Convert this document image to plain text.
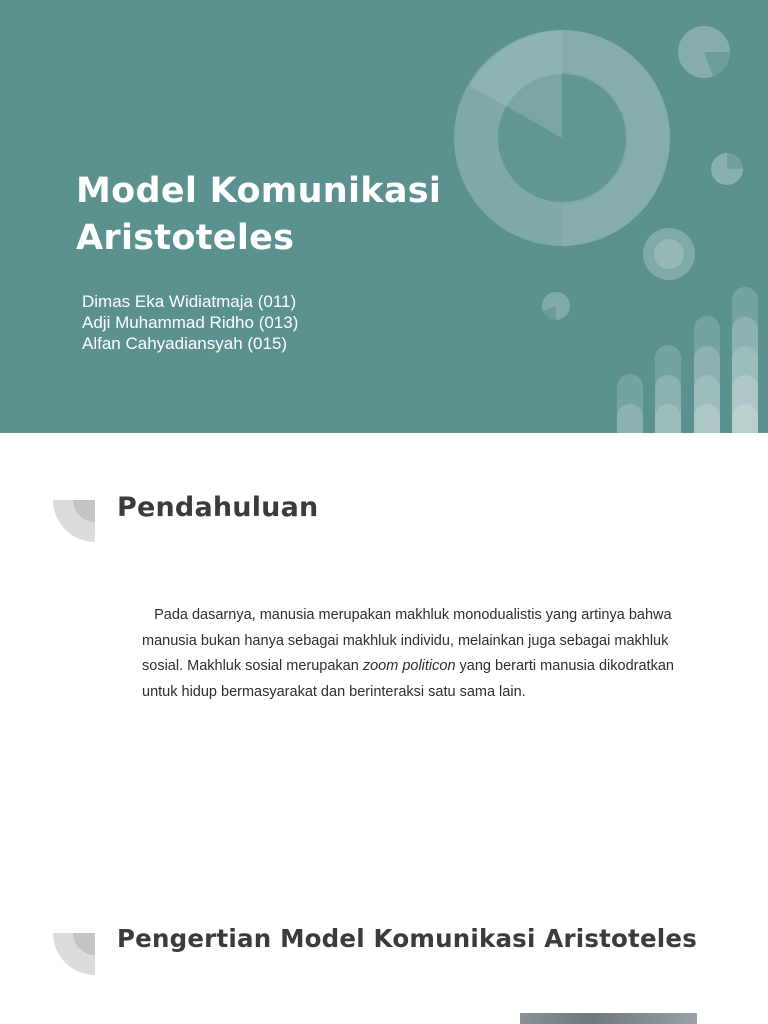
Model Komunikasi
Aristoteles
Dimas Eka Widiatmaja (011)
Adji Muhammad Ridho (013)
Alfan Cahyadiansyah (015)
Pendahuluan
Pada dasarnya, manusia merupakan makhluk monodualistis yang artinya bahwa manusia bukan hanya sebagai makhluk individu, melainkan juga sebagai makhluk sosial. Makhluk sosial merupakan zoom politicon yang berarti manusia dikodratkan untuk hidup bermasyarakat dan berinteraksi satu sama lain.
Pengertian Model Komunikasi Aristoteles
